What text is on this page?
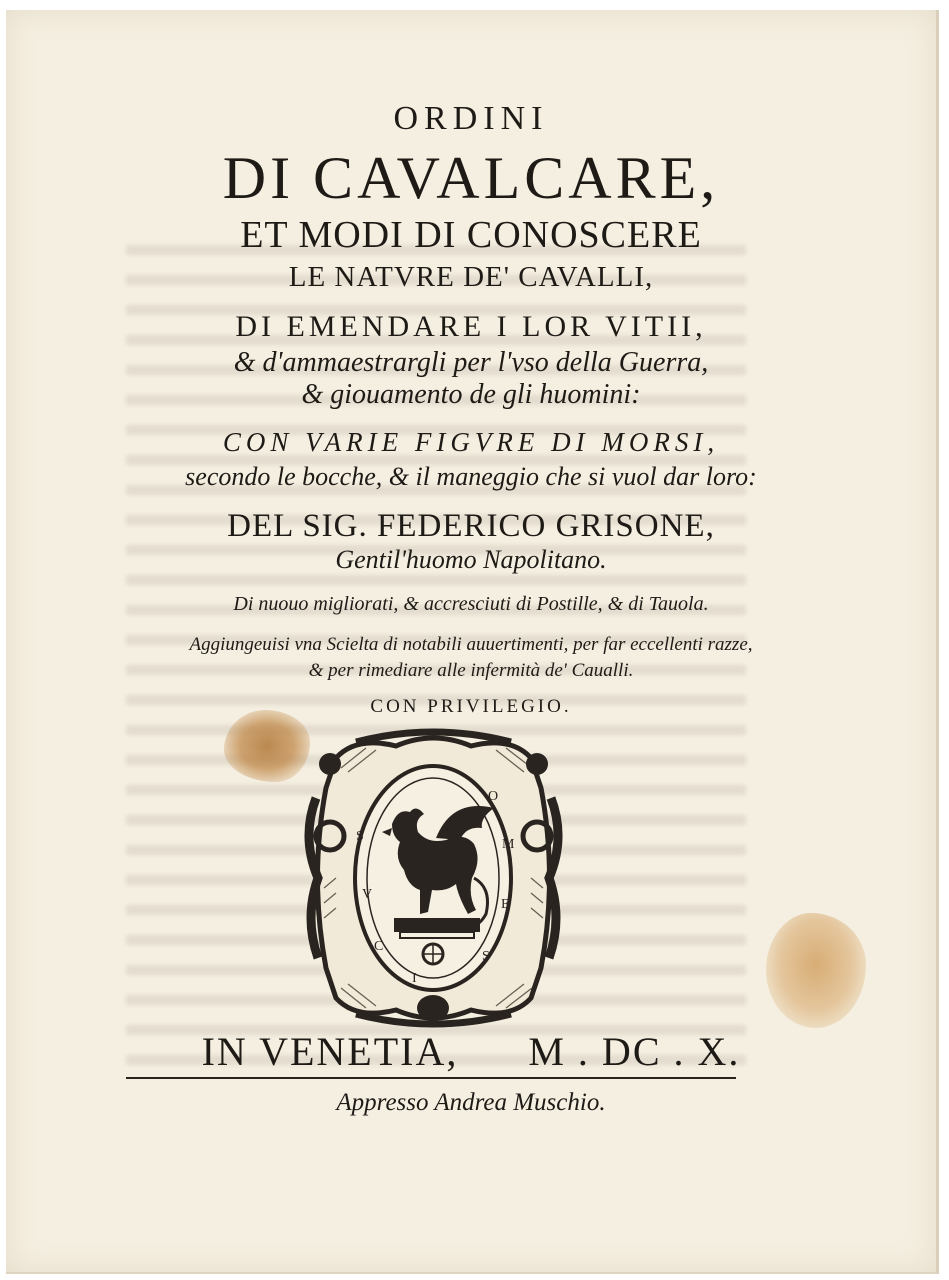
ORDINI
DI CAVALCARE,
ET MODI DI CONOSCERE
LE NATVRE DE' CAVALLI,
DI EMENDARE I LOR VITII,
& d'ammaestrargli per l'vso della Guerra,
& giouamento de gli huomini:
CON VARIE FIGVRE DI MORSI,
secondo le bocche, & il maneggio che si vuol dar loro:
DEL SIG. FEDERICO GRISONE,
Gentil'huomo Napolitano.
Di nuouo migliorati, & accresciuti di Postille, & di Tauola.
Aggiungeuisi vna Scielta di notabili auuertimenti, per far eccellenti razze,
& per rimediare alle infermità de' Caualli.
CON PRIVILEGIO.
S
V
C
I
O
M
E
S
IN VENETIA, M . DC . X.
Appresso Andrea Muschio.
